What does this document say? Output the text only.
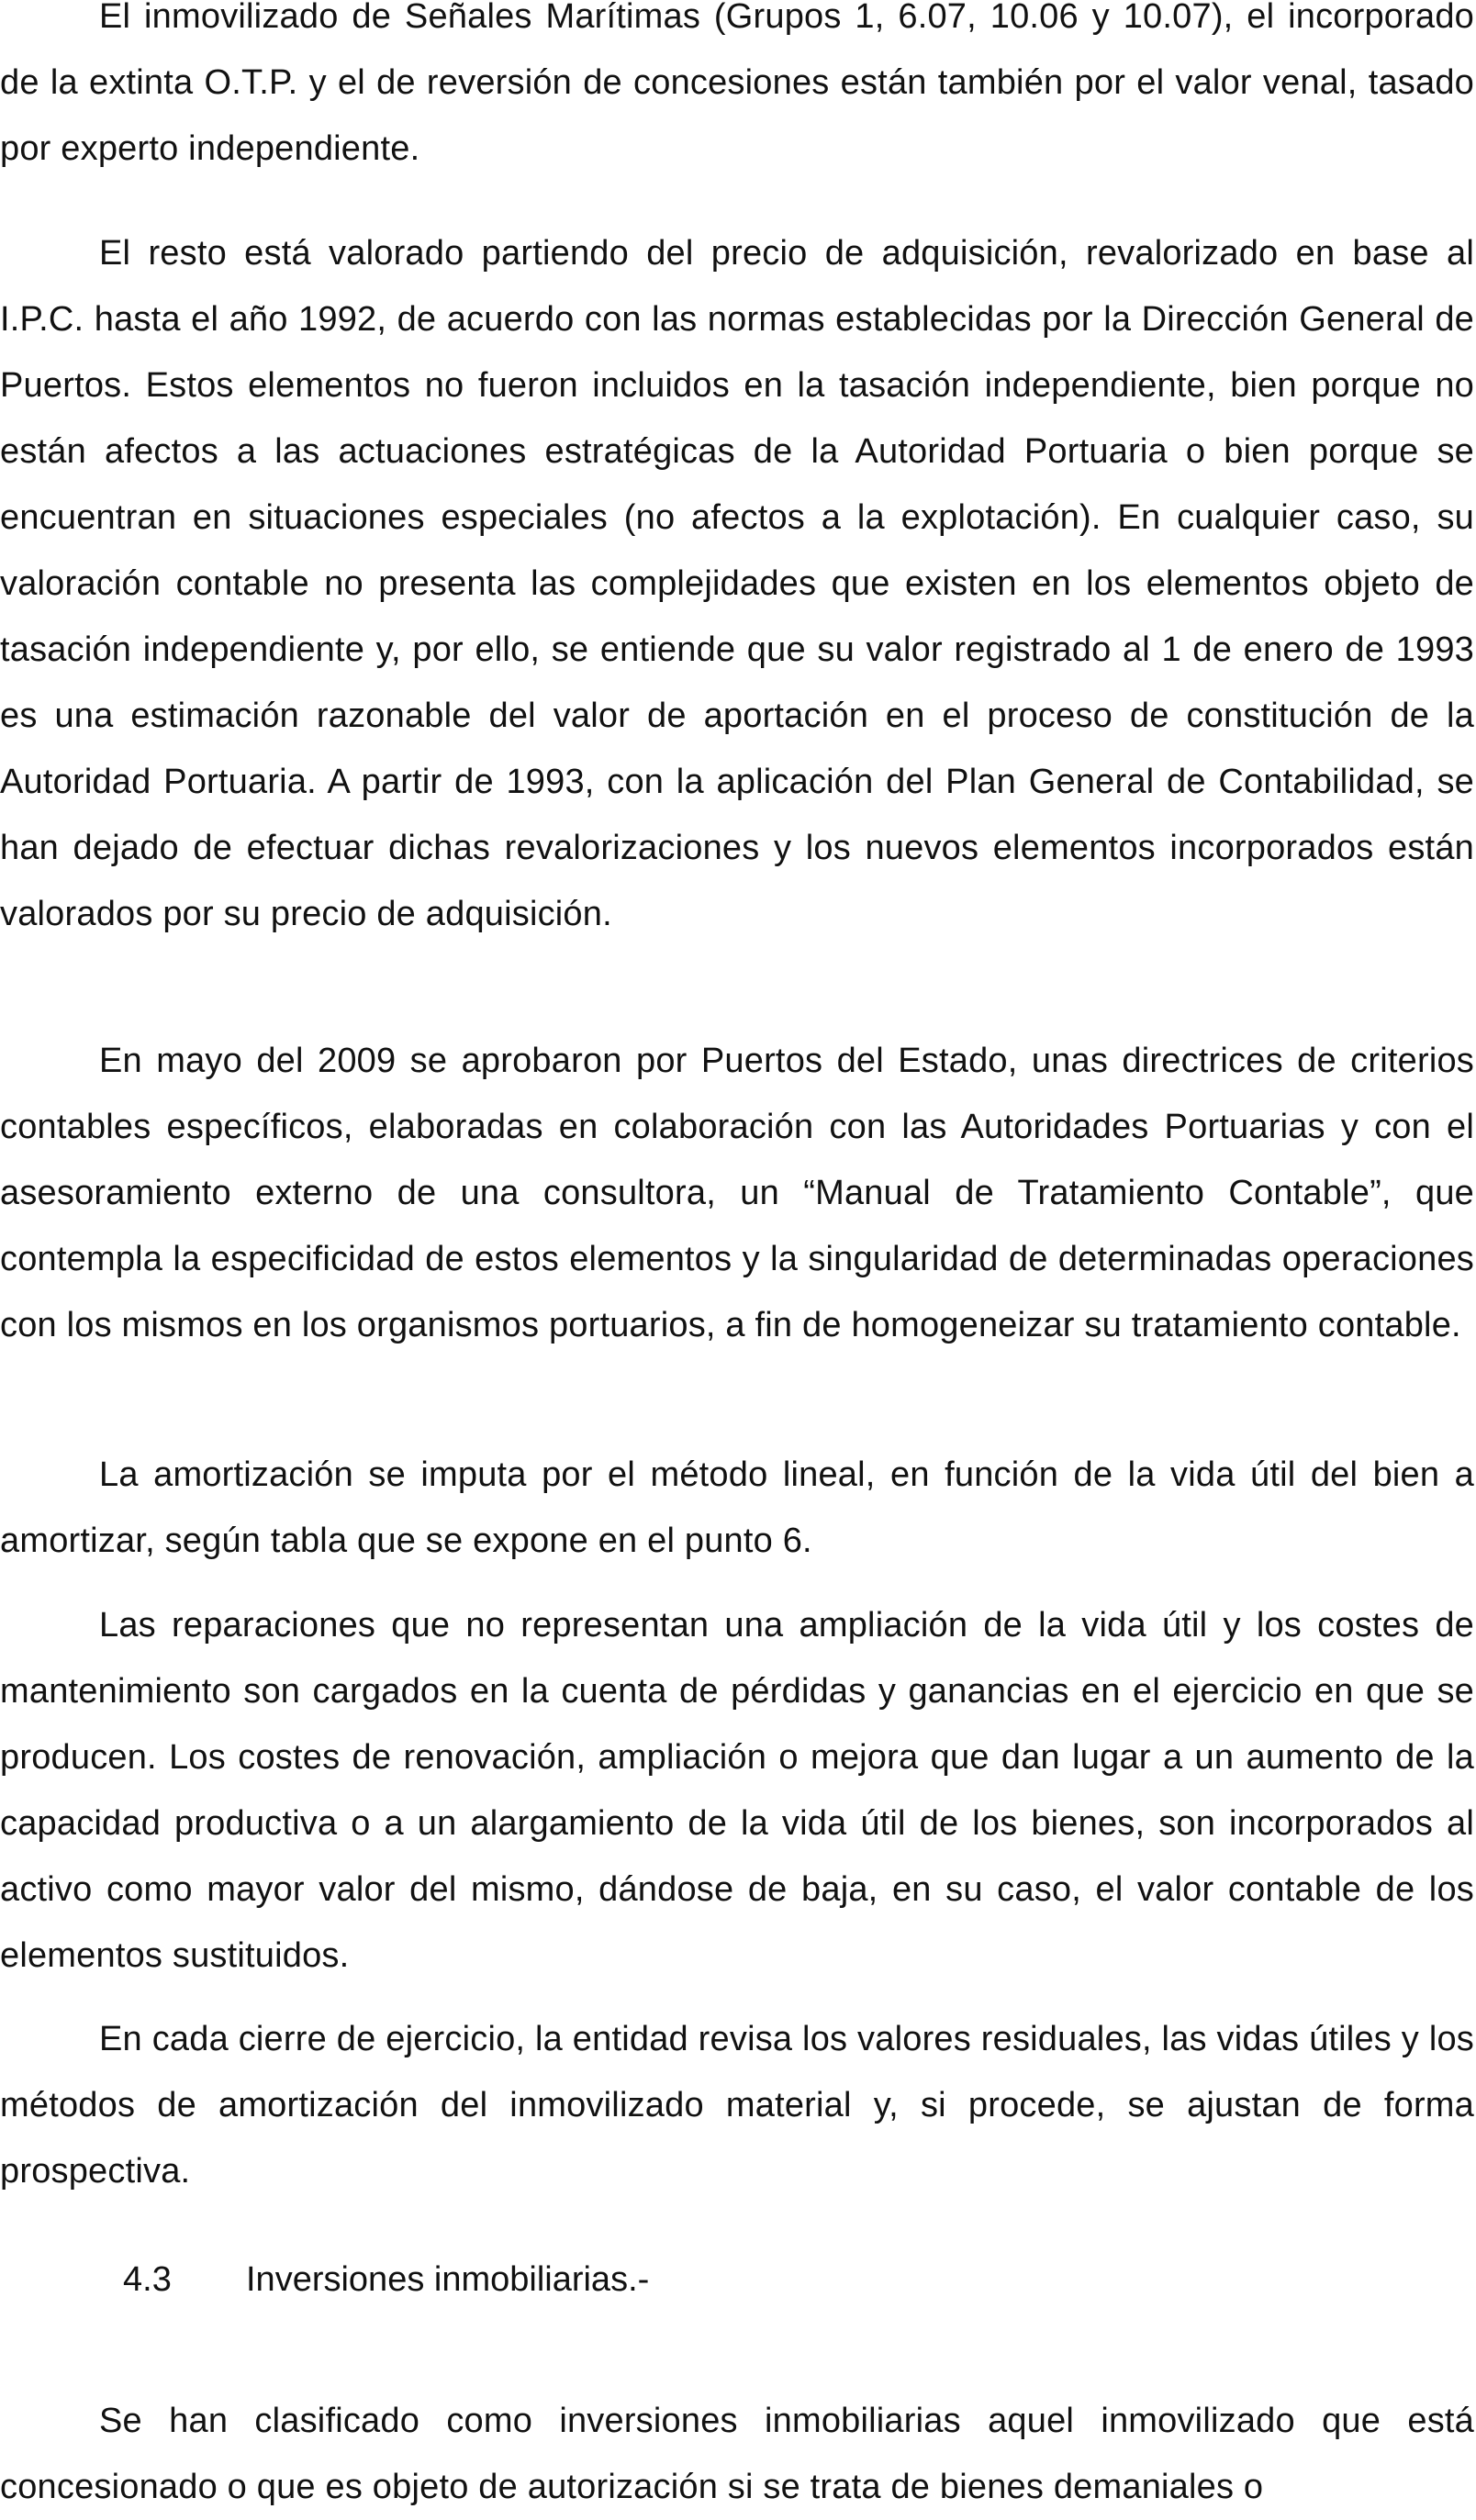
El inmovilizado de Señales Marítimas (Grupos 1, 6.07, 10.06 y 10.07), el incorporado de la extinta O.T.P. y el de reversión de concesiones están también por el valor venal, tasado por experto independiente.

El resto está valorado partiendo del precio de adquisición, revalorizado en base al I.P.C. hasta el año 1992, de acuerdo con las normas establecidas por la Dirección General de Puertos. Estos elementos no fueron incluidos en la tasación independiente, bien porque no están afectos a las actuaciones estratégicas de la Autoridad Portuaria o bien porque se encuentran en situaciones especiales (no afectos a la explotación). En cualquier caso, su valoración contable no presenta las complejidades que existen en los elementos objeto de tasación independiente y, por ello, se entiende que su valor registrado al 1 de enero de 1993 es una estimación razonable del valor de aportación en el proceso de constitución de la Autoridad Portuaria. A partir de 1993, con la aplicación del Plan General de Contabilidad, se han dejado de efectuar dichas revalorizaciones y los nuevos elementos incorporados están valorados por su precio de adquisición.

En mayo del 2009 se aprobaron por Puertos del Estado, unas directrices de criterios contables específicos, elaboradas en colaboración con las Autoridades Portuarias y con el asesoramiento externo de una consultora, un “Manual de Tratamiento Contable”, que contempla la especificidad de estos elementos y la singularidad de determinadas operaciones con los mismos en los organismos portuarios, a fin de homogeneizar su tratamiento contable.

La amortización se imputa por el método lineal, en función de la vida útil del bien a amortizar, según tabla que se expone en el punto 6.

Las reparaciones que no representan una ampliación de la vida útil y los costes de mantenimiento son cargados en la cuenta de pérdidas y ganancias en el ejercicio en que se producen. Los costes de renovación, ampliación o mejora que dan lugar a un aumento de la capacidad productiva o a un alargamiento de la vida útil de los bienes, son incorporados al activo como mayor valor del mismo, dándose de baja, en su caso, el valor contable de los elementos sustituidos.

En cada cierre de ejercicio, la entidad revisa los valores residuales, las vidas útiles y los métodos de amortización del inmovilizado material y, si procede, se ajustan de forma prospectiva.

4.3 Inversiones inmobiliarias.-

Se han clasificado como inversiones inmobiliarias aquel inmovilizado que está concesionado o que es objeto de autorización si se trata de bienes demaniales o
